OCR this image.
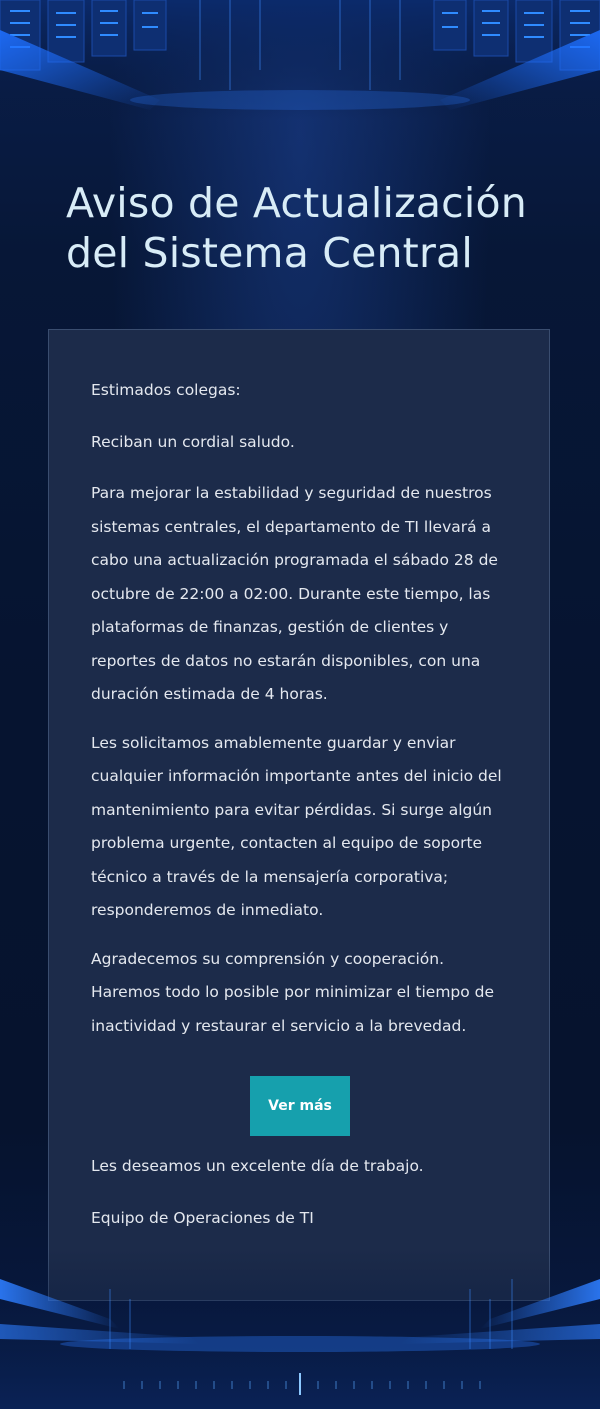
Aviso de Actualización del Sistema Central

Estimados colegas:

Reciban un cordial saludo.

Para mejorar la estabilidad y seguridad de nuestros sistemas centrales, el departamento de TI llevará a cabo una actualización programada el sábado 28 de octubre de 22:00 a 02:00. Durante este tiempo, las plataformas de finanzas, gestión de clientes y reportes de datos no estarán disponibles, con una duración estimada de 4 horas.

Les solicitamos amablemente guardar y enviar cualquier información importante antes del inicio del mantenimiento para evitar pérdidas. Si surge algún problema urgente, contacten al equipo de soporte técnico a través de la mensajería corporativa; responderemos de inmediato.

Agradecemos su comprensión y cooperación. Haremos todo lo posible por minimizar el tiempo de inactividad y restaurar el servicio a la brevedad.

Ver más

Les deseamos un excelente día de trabajo.

Equipo de Operaciones de TI
